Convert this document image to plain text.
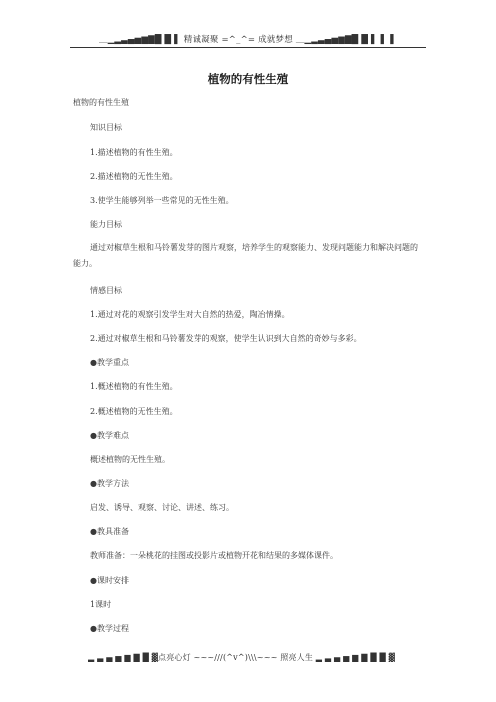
＿▁▂▃▄▅▆▇█ █ ▌ 精诚凝聚 =^_^= 成就梦想 ＿▁▂▃▄▅▆▇█ █ ▌ ▌ ▌
植物的有性生殖
植物的有性生殖
知识目标
1.描述植物的有性生殖。
2.描述植物的无性生殖。
3.使学生能够列举一些常见的无性生殖。
能力目标
通过对椒草生根和马铃薯发芽的图片观察，培养学生的观察能力、发现问题能力和解决问题的能力。
情感目标
1.通过对花的观察引发学生对大自然的热爱，陶冶情操。
2.通过对椒草生根和马铃薯发芽的观察，使学生认识到大自然的奇妙与多彩。
●教学重点
1.概述植物的有性生殖。
2.概述植物的无性生殖。
●教学难点
概述植物的无性生殖。
●教学方法
启发、诱导、观察、讨论、讲述、练习。
●教具准备
教师准备：一朵桃花的挂图或投影片或植物开花和结果的多媒体课件。
●课时安排
1课时
●教学过程
▂ ▃ ▄ ▅ ▆ ▇ █ ▓点亮心灯 ~~~///(^v^)\\\~~~ 照亮人生 ▂ ▃ ▄ ▅ ▆ ▇ █ █ ▓
